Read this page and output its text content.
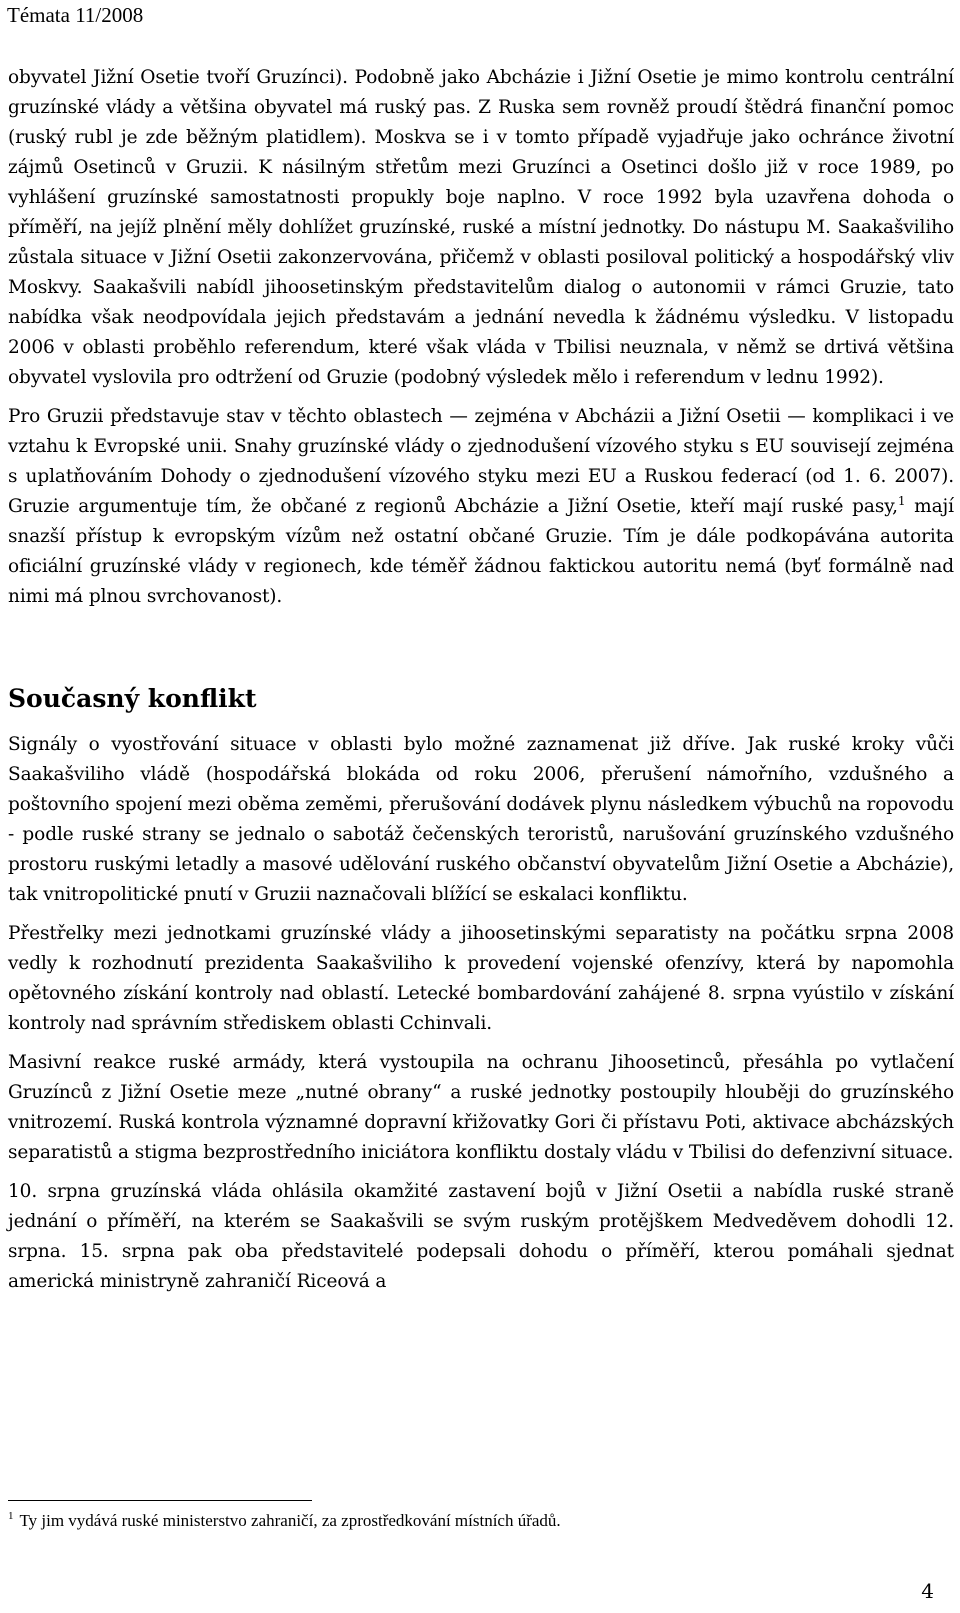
Témata 11/2008

obyvatel Jižní Osetie tvoří Gruzínci). Podobně jako Abcházie i Jižní Osetie je mimo kontrolu centrální gruzínské vlády a většina obyvatel má ruský pas. Z Ruska sem rovněž proudí štědrá finanční pomoc (ruský rubl je zde běžným platidlem). Moskva se i v tomto případě vyjadřuje jako ochránce životní zájmů Osetinců v Gruzii. K násilným střetům mezi Gruzínci a Osetinci došlo již v roce 1989, po vyhlášení gruzínské samostatnosti propukly boje naplno. V roce 1992 byla uzavřena dohoda o příměří, na jejíž plnění měly dohlížet gruzínské, ruské a místní jednotky. Do nástupu M. Saakašviliho zůstala situace v Jižní Osetii zakonzervována, přičemž v oblasti posiloval politický a hospodářský vliv Moskvy. Saakašvili nabídl jihoosetinským představitelům dialog o autonomii v rámci Gruzie, tato nabídka však neodpovídala jejich představám a jednání nevedla k žádnému výsledku. V listopadu 2006 v oblasti proběhlo referendum, které však vláda v Tbilisi neuznala, v němž se drtivá většina obyvatel vyslovila pro odtržení od Gruzie (podobný výsledek mělo i referendum v lednu 1992).

Pro Gruzii představuje stav v těchto oblastech — zejména v Abcházii a Jižní Osetii — komplikaci i ve vztahu k Evropské unii. Snahy gruzínské vlády o zjednodušení vízového styku s EU souvisejí zejména s uplatňováním Dohody o zjednodušení vízového styku mezi EU a Ruskou federací (od 1. 6. 2007). Gruzie argumentuje tím, že občané z regionů Abcházie a Jižní Osetie, kteří mají ruské pasy,$^1$ mají snazší přístup k evropským vízům než ostatní občané Gruzie. Tím je dále podkopávána autorita oficiální gruzínské vlády v regionech, kde téměř žádnou faktickou autoritu nemá (byť formálně nad nimi má plnou svrchovanost).

Současný konflikt

Signály o vyostřování situace v oblasti bylo možné zaznamenat již dříve. Jak ruské kroky vůči Saakašviliho vládě (hospodářská blokáda od roku 2006, přerušení námořního, vzdušného a poštovního spojení mezi oběma zeměmi, přerušování dodávek plynu následkem výbuchů na ropovodu - podle ruské strany se jednalo o sabotáž čečenských teroristů, narušování gruzínského vzdušného prostoru ruskými letadly a masové udělování ruského občanství obyvatelům Jižní Osetie a Abcházie), tak vnitropolitické pnutí v Gruzii naznačovali blížící se eskalaci konfliktu.

Přestřelky mezi jednotkami gruzínské vlády a jihoosetinskými separatisty na počátku srpna 2008 vedly k rozhodnutí prezidenta Saakašviliho k provedení vojenské ofenzívy, která by napomohla opětovného získání kontroly nad oblastí. Letecké bombardování zahájené 8. srpna vyústilo v získání kontroly nad správním střediskem oblasti Cchinvali.

Masivní reakce ruské armády, která vystoupila na ochranu Jihoosetinců, přesáhla po vytlačení Gruzínců z Jižní Osetie meze „nutné obrany“ a ruské jednotky postoupily hlouběji do gruzínského vnitrozemí. Ruská kontrola významné dopravní křižovatky Gori či přístavu Poti, aktivace abcházských separatistů a stigma bezprostředního iniciátora konfliktu dostaly vládu v Tbilisi do defenzivní situace.

10. srpna gruzínská vláda ohlásila okamžité zastavení bojů v Jižní Osetii a nabídla ruské straně jednání o příměří, na kterém se Saakašvili se svým ruským protějškem Medveděvem dohodli 12. srpna. 15. srpna pak oba představitelé podepsali dohodu o příměří, kterou pomáhali sjednat americká ministryně zahraničí Riceová a

$^1$ Ty jim vydává ruské ministerstvo zahraničí, za zprostředkování místních úřadů.
4
